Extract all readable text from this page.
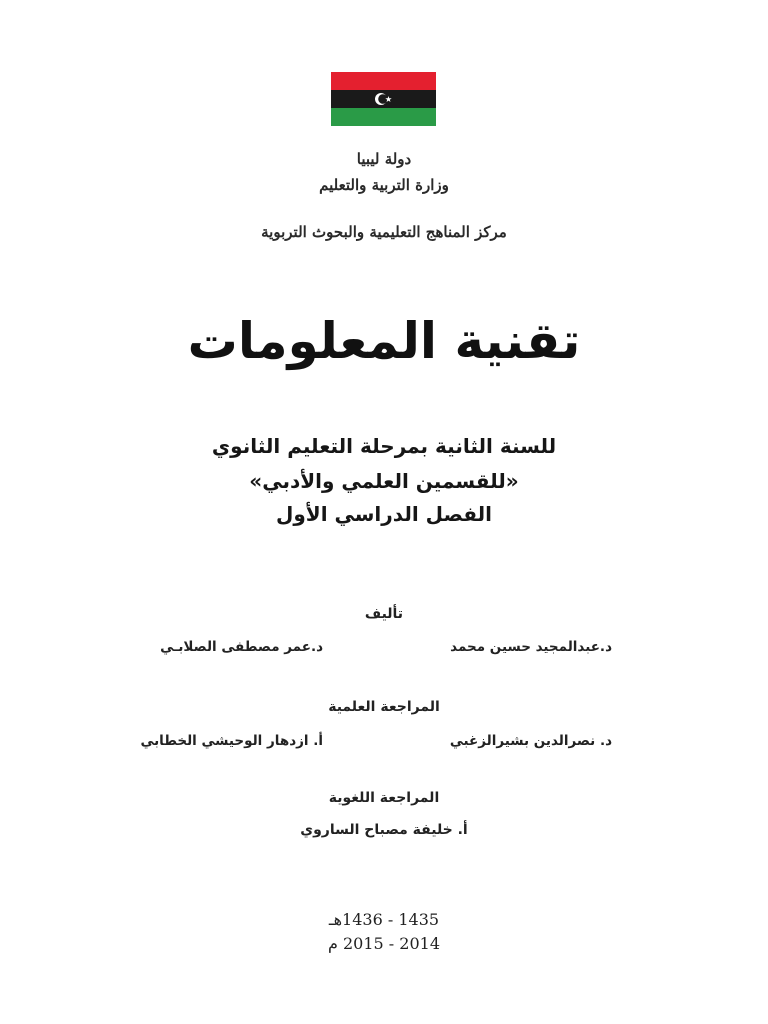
دولة ليبيا
وزارة التربية والتعليم
مركز المناهج التعليمية والبحوث التربوية
تقنية المعلومات
للسنة الثانية بمرحلة التعليم الثانوي
«للقسمين العلمي والأدبي»
الفصل الدراسي الأول
تأليف
د.عبدالمجيد حسين محمد
د.عمر مصطفى الصلابـي
المراجعة العلمية
د. نصرالدين بشيرالزغبي
أ. ازدهار الوحيشي الخطابي
المراجعة اللغوية
أ. خليفة مصباح الساروي
1435 - 1436هـ
2014 - 2015 م
